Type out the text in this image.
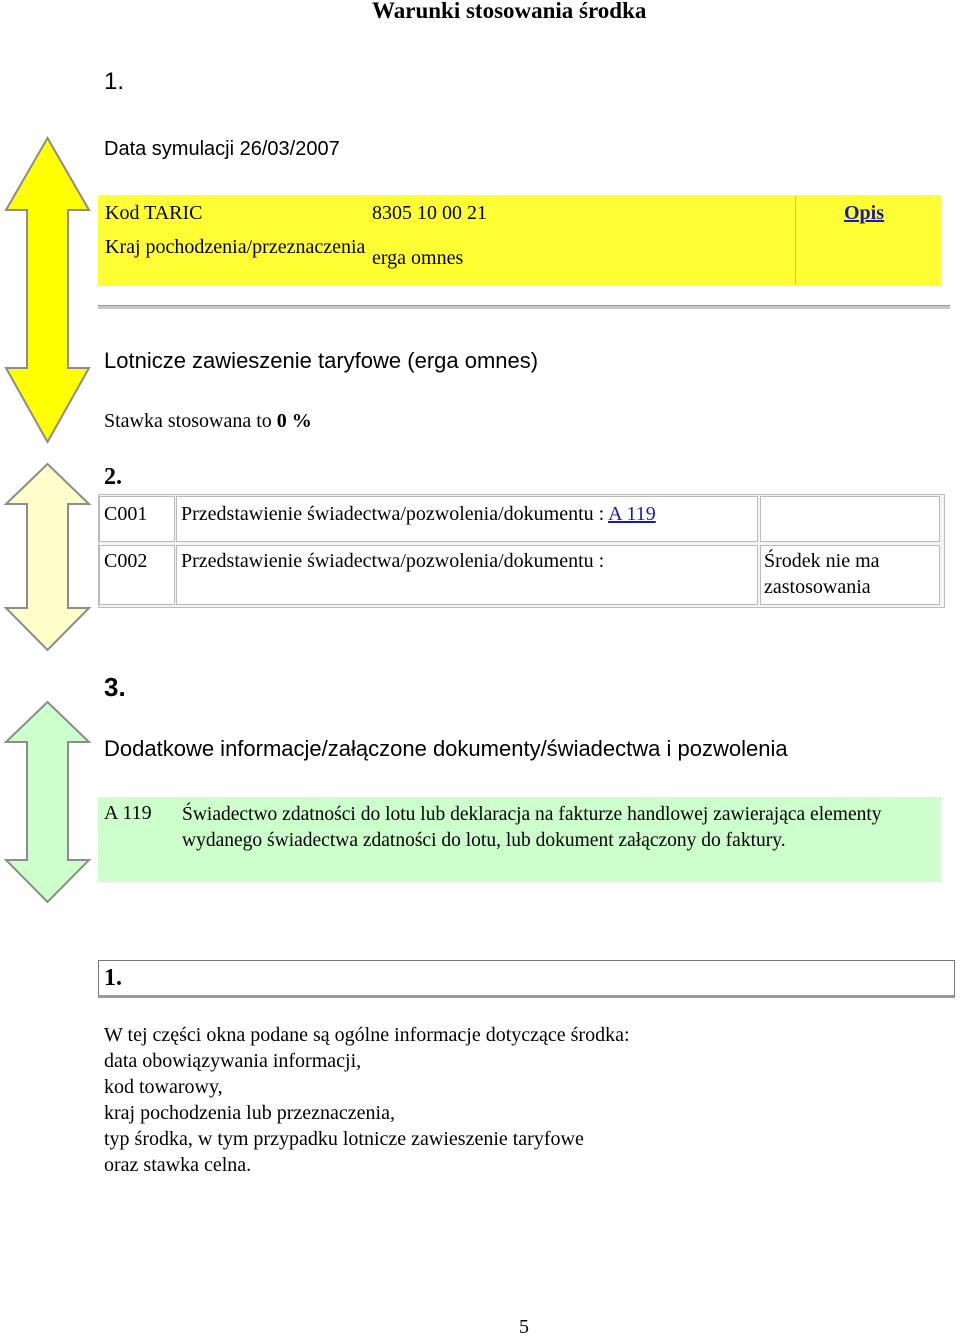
Warunki stosowania środka
1.
Data symulacji 26/03/2007
Kod TARIC	8305 10 00 21	Opis
Kraj pochodzenia/przeznaczenia erga omnes
Lotnicze zawieszenie taryfowe (erga omnes)
Stawka stosowana to 0 %
2.
C001 Przedstawienie świadectwa/pozwolenia/dokumentu : A 119
C002 Przedstawienie świadectwa/pozwolenia/dokumentu :	Środek nie ma zastosowania
3.
Dodatkowe informacje/załączone dokumenty/świadectwa i pozwolenia
A 119 Świadectwo zdatności do lotu lub deklaracja na fakturze handlowej zawierająca elementy wydanego świadectwa zdatności do lotu, lub dokument załączony do faktury.
1.
W tej części okna podane są ogólne informacje dotyczące środka:
data obowiązywania informacji,
kod towarowy,
kraj pochodzenia lub przeznaczenia,
typ środka, w tym przypadku lotnicze zawieszenie taryfowe
oraz stawka celna.
5
